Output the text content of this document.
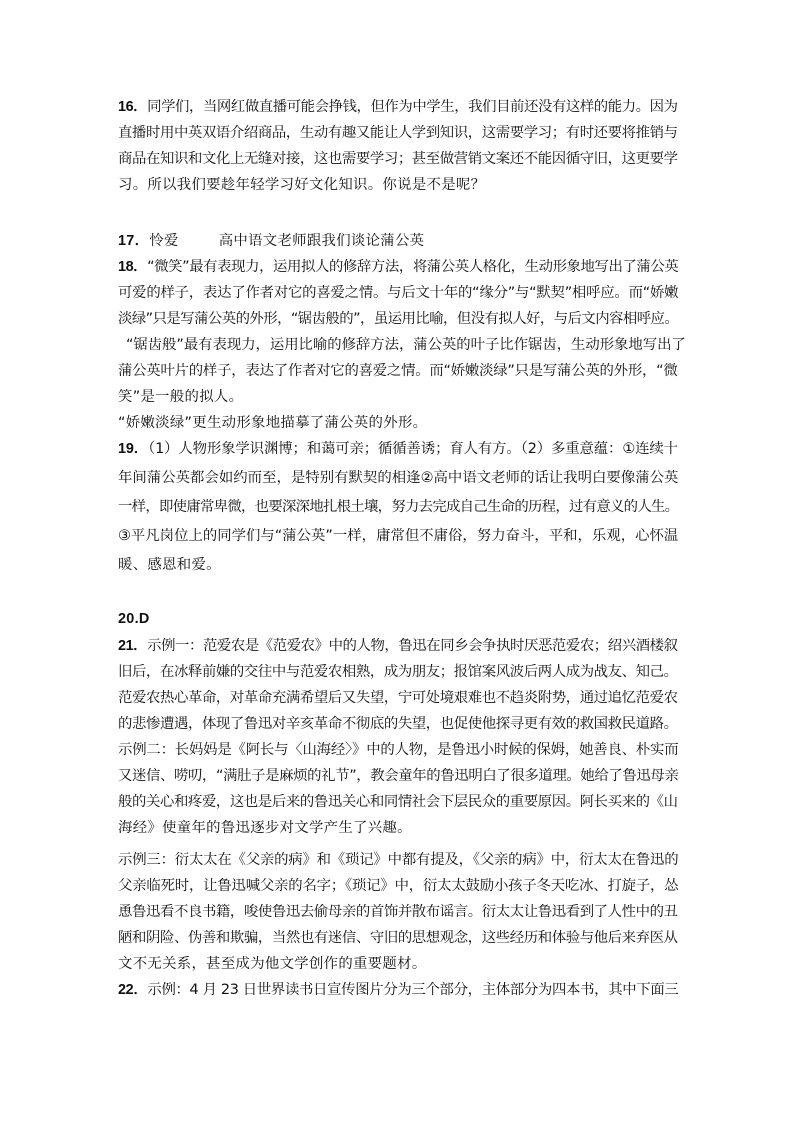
16．同学们，当网红做直播可能会挣钱，但作为中学生，我们目前还没有这样的能力。因为
直播时用中英双语介绍商品，生动有趣又能让人学到知识，这需要学习；有时还要将推销与
商品在知识和文化上无缝对接，这也需要学习；甚至做营销文案还不能因循守旧，这更要学
习。所以我们要趁年轻学习好文化知识。你说是不是呢？
17．怜爱	高中语文老师跟我们谈论蒲公英
18．“微笑”最有表现力，运用拟人的修辞方法，将蒲公英人格化，生动形象地写出了蒲公英
可爱的样子，表达了作者对它的喜爱之情。与后文十年的“缘分”与“默契”相呼应。而“娇嫩
淡绿”只是写蒲公英的外形，“锯齿般的”，虽运用比喻，但没有拟人好，与后文内容相呼应。
“锯齿般”最有表现力，运用比喻的修辞方法，蒲公英的叶子比作锯齿，生动形象地写出了
蒲公英叶片的样子，表达了作者对它的喜爱之情。而“娇嫩淡绿”只是写蒲公英的外形，“微
笑”是一般的拟人。
“娇嫩淡绿”更生动形象地描摹了蒲公英的外形。
19．（1）人物形象学识渊博；和蔼可亲；循循善诱；育人有方。（2）多重意蕴：①连续十
年间蒲公英都会如约而至，是特别有默契的相逢②高中语文老师的话让我明白要像蒲公英
一样，即使庸常卑微，也要深深地扎根土壤，努力去完成自己生命的历程，过有意义的人生。
③平凡岗位上的同学们与“蒲公英”一样，庸常但不庸俗，努力奋斗，平和，乐观，心怀温
暖、感恩和爱。
20.D
21．示例一：范爱农是《范爱农》中的人物，鲁迅在同乡会争执时厌恶范爱农；绍兴酒楼叙
旧后，在冰释前嫌的交往中与范爱农相熟，成为朋友；报馆案风波后两人成为战友、知己。
范爱农热心革命，对革命充满希望后又失望，宁可处境艰难也不趋炎附势，通过追忆范爱农
的悲惨遭遇，体现了鲁迅对辛亥革命不彻底的失望，也促使他探寻更有效的救国救民道路。
示例二：长妈妈是《阿长与〈山海经〉》中的人物，是鲁迅小时候的保姆，她善良、朴实而
又迷信、唠叨，“满肚子是麻烦的礼节”，教会童年的鲁迅明白了很多道理。她给了鲁迅母亲
般的关心和疼爱，这也是后来的鲁迅关心和同情社会下层民众的重要原因。阿长买来的《山
海经》使童年的鲁迅逐步对文学产生了兴趣。
示例三：衍太太在《父亲的病》和《琐记》中都有提及，《父亲的病》中，衍太太在鲁迅的
父亲临死时，让鲁迅喊父亲的名字；《琐记》中，衍太太鼓励小孩子冬天吃冰、打旋子，怂
恿鲁迅看不良书籍，唆使鲁迅去偷母亲的首饰并散布谣言。衍太太让鲁迅看到了人性中的丑
陋和阴险、伪善和欺骗，当然也有迷信、守旧的思想观念，这些经历和体验与他后来弃医从
文不无关系，甚至成为他文学创作的重要题材。
22．示例：4 月 23 日世界读书日宣传图片分为三个部分，主体部分为四本书，其中下面三
